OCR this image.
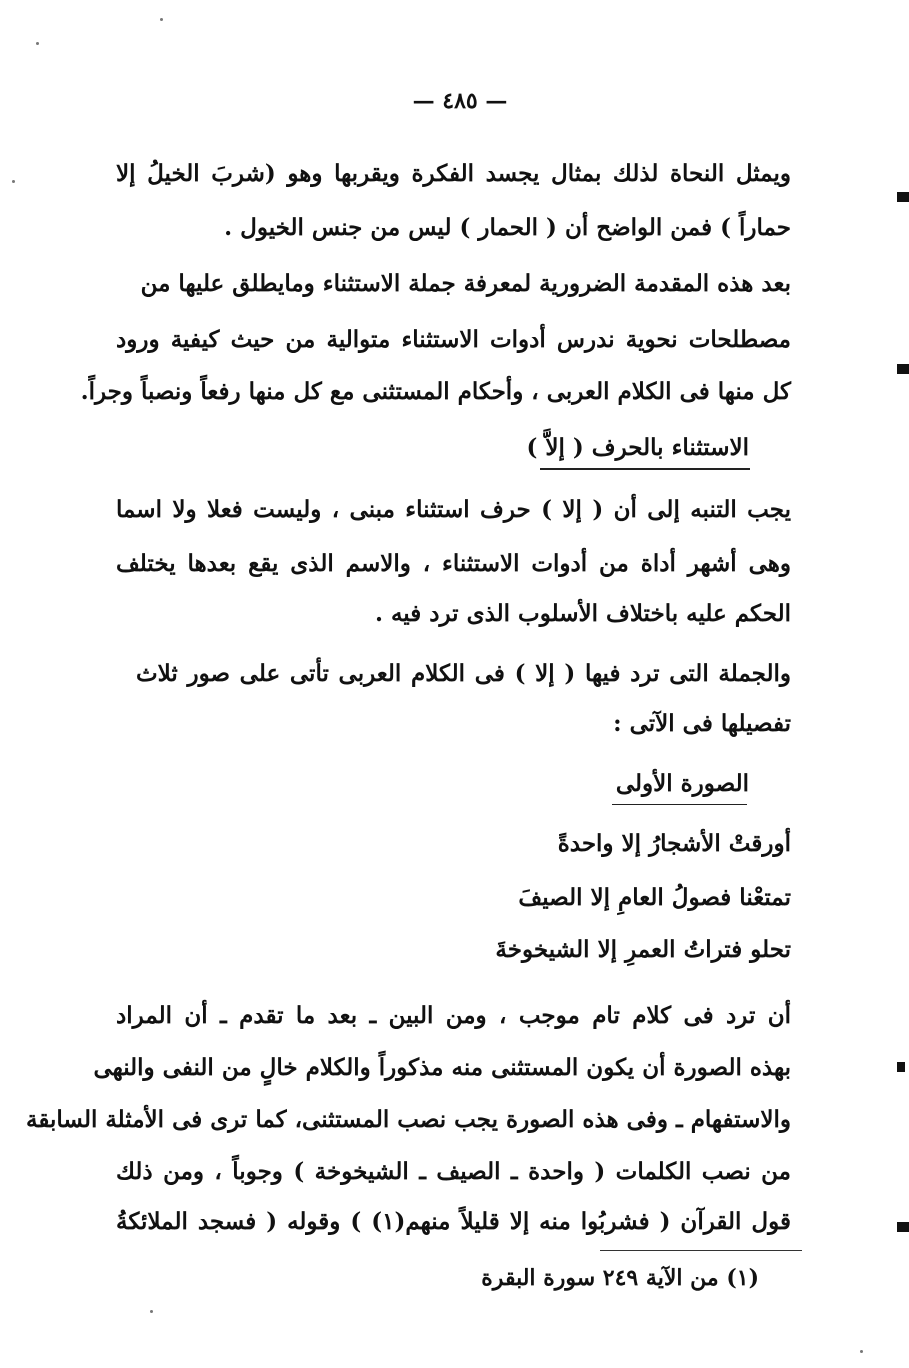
— ٤٨٥ —
ويمثل النحاة لذلك بمثال يجسد الفكرة ويقربها وهو (شربَ الخيلُ إلا
حماراً ) فمن الواضح أن ( الحمار ) ليس من جنس الخيول .
بعد هذه المقدمة الضرورية لمعرفة جملة الاستثناء ومايطلق عليها من
مصطلحات نحوية ندرس أدوات الاستثناء متوالية من حيث كيفية ورود
كل منها فى الكلام العربى ، وأحكام المستثنى مع كل منها رفعاً ونصباً وجراً.
الاستثناء بالحرف ( إلاَّ )
يجب التنبه إلى أن ( إلا ) حرف استثناء مبنى ، وليست فعلا ولا اسما
وهى أشهر أداة من أدوات الاستثناء ، والاسم الذى يقع بعدها يختلف
الحكم عليه باختلاف الأسلوب الذى ترد فيه .
والجملة التى ترد فيها ( إلا ) فى الكلام العربى تأتى على صور ثلاث
تفصيلها فى الآتى :
الصورة الأولى
أورقتْ الأشجارُ إلا واحدةً
تمتعْنا فصولُ العامِ إلا الصيفَ
تحلو فتراتُ العمرِ إلا الشيخوخةَ
أن ترد فى كلام تام موجب ، ومن البين ـ بعد ما تقدم ـ أن المراد
بهذه الصورة أن يكون المستثنى منه مذكوراً والكلام خالٍ من النفى والنهى
والاستفهام ـ وفى هذه الصورة يجب نصب المستثنى، كما ترى فى الأمثلة السابقة
من نصب الكلمات ( واحدة ـ الصيف ـ الشيخوخة ) وجوباً ، ومن ذلك
قول القرآن ( فشربُوا منه إلا قليلاً منهم(١) ) وقوله ( فسجد الملائكةُ
(١) من الآية ٢٤٩ سورة البقرة
